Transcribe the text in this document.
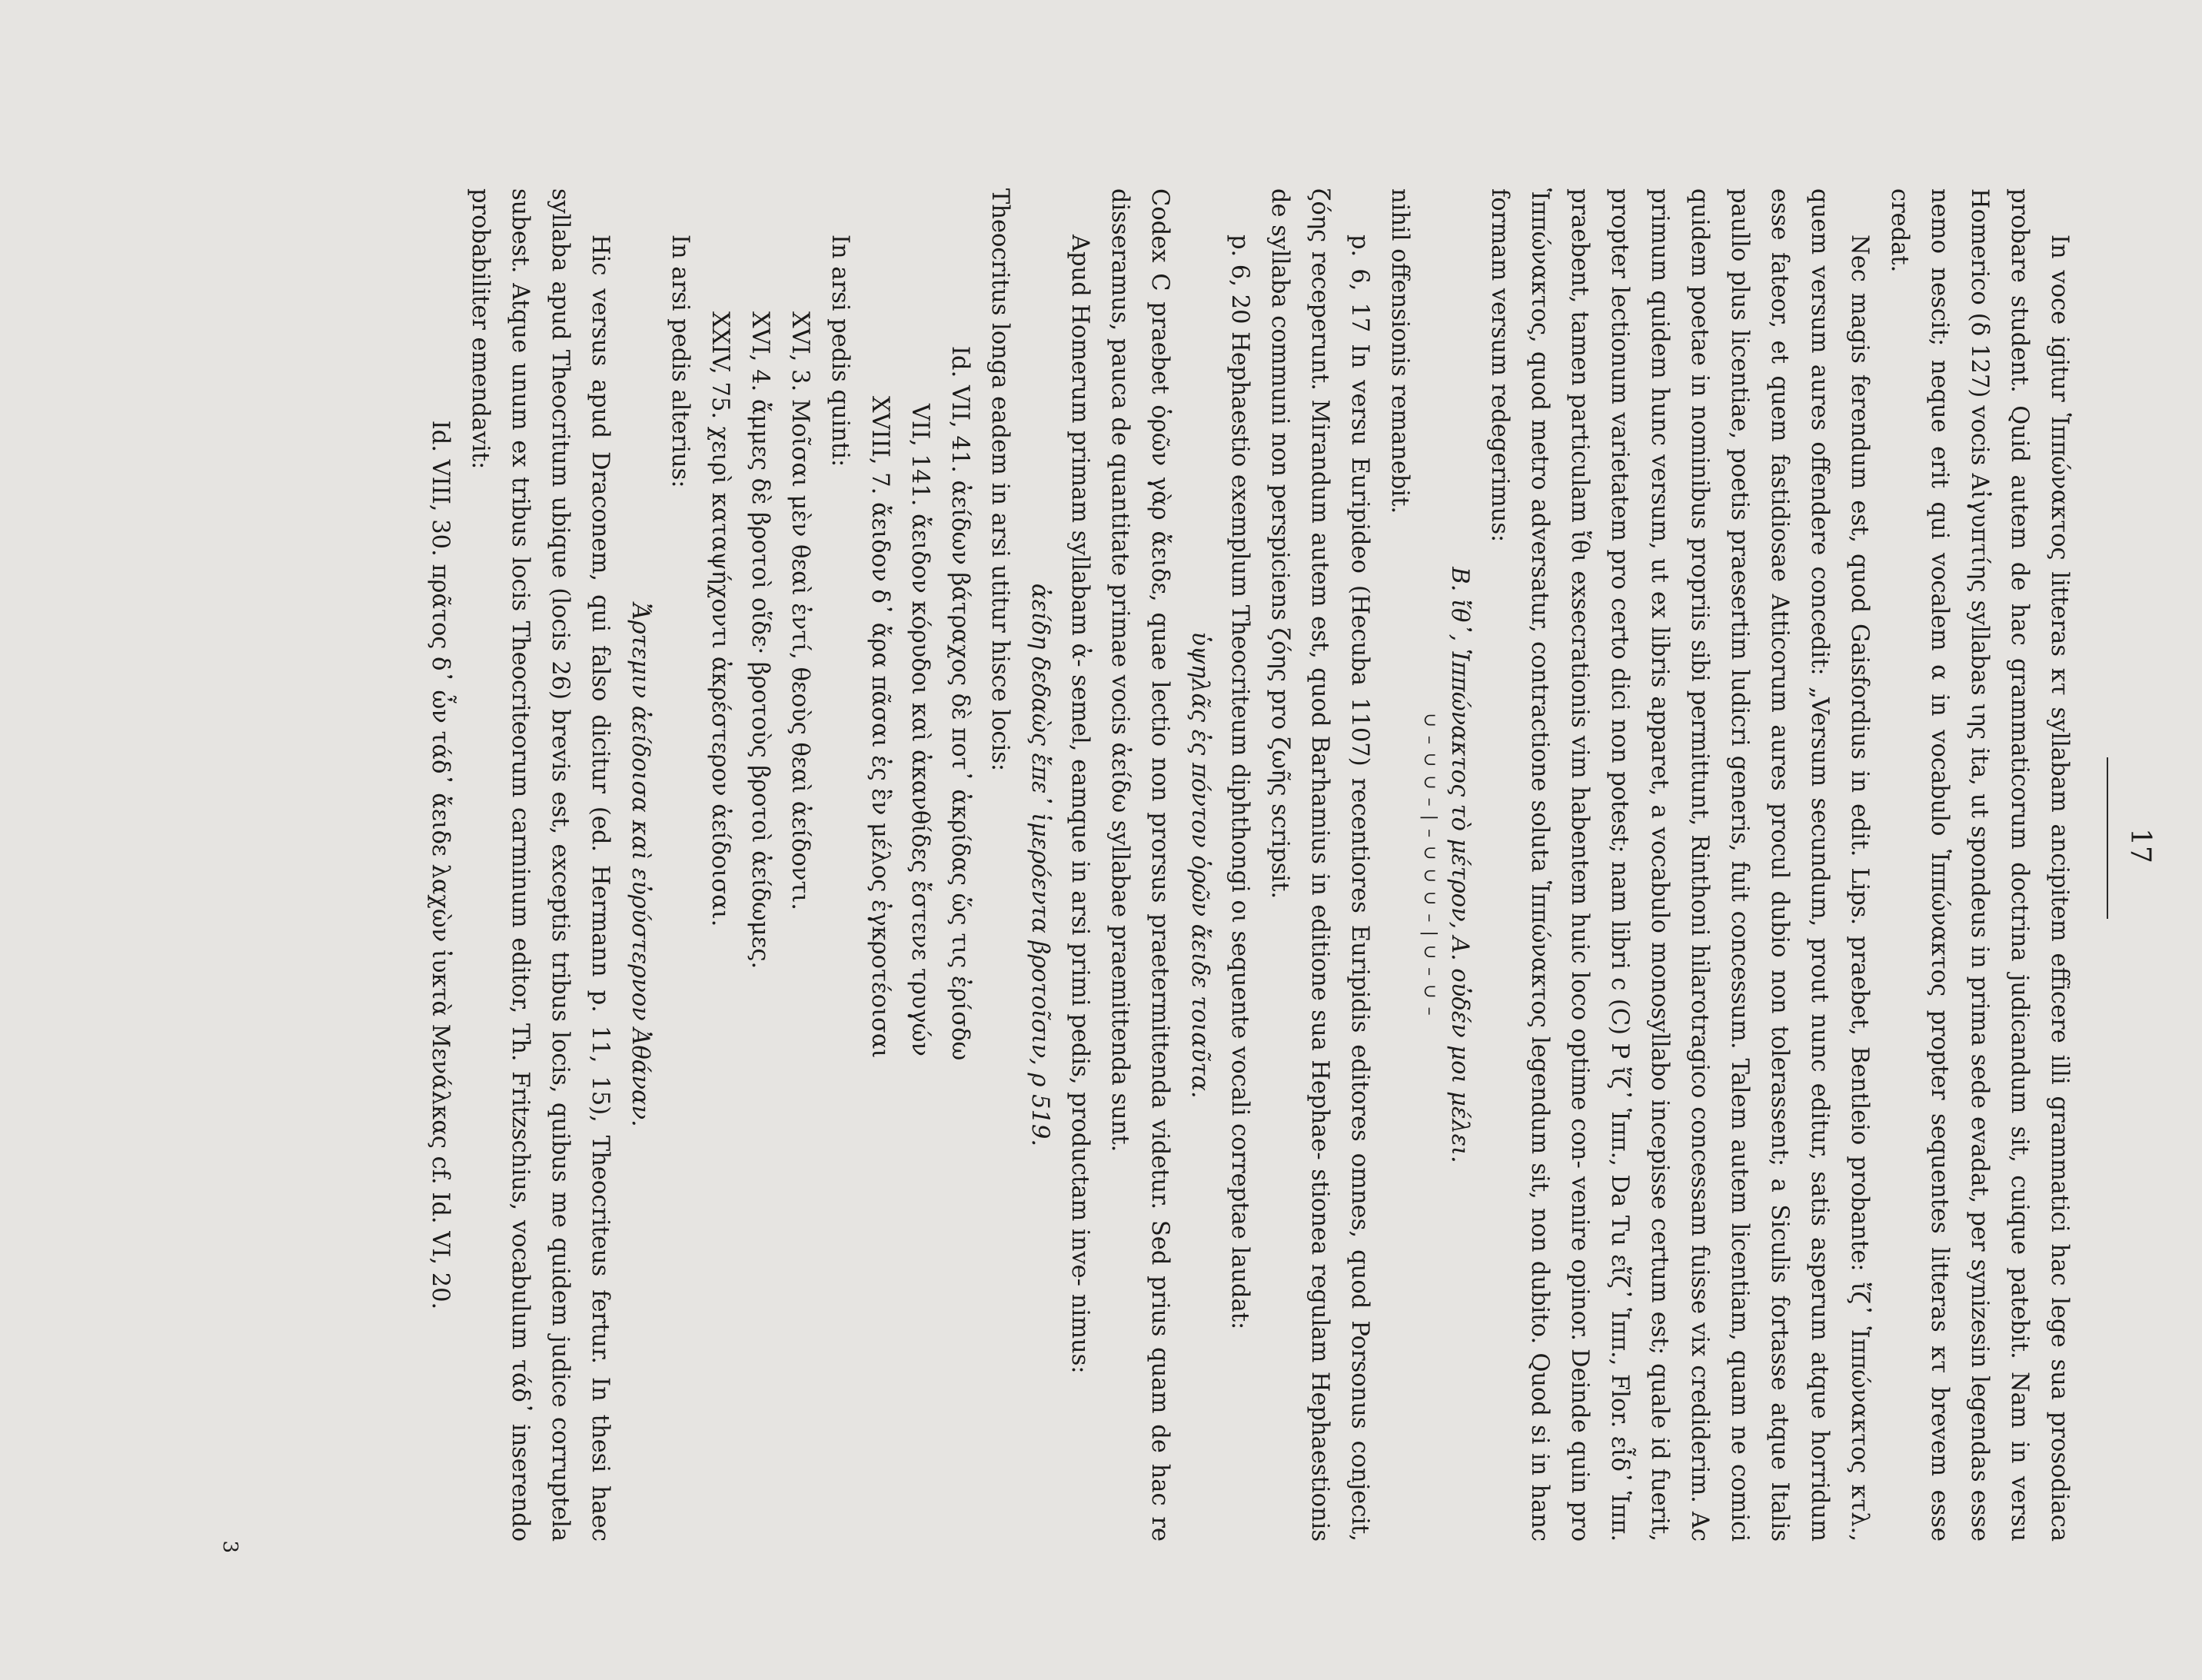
17

In voce igitur Ἱππώνακτος litteras κτ syllabam ancipitem efficere illi grammatici hac lege sua prosodiaca probare student. Quid autem de hac grammaticorum doctrina judicandum sit, cuique patebit. Nam in versu Homerico (δ 127) vocis Αἰγυπτίης syllabas ιης ita, ut spondeus in prima sede evadat, per synizesin legendas esse nemo nescit; neque erit qui vocalem α in vocabulo Ἱππώνακτος propter sequentes litteras κτ brevem esse credat.

Nec magis ferendum est, quod Gaisfordius in edit. Lips. praebet, Bentleio probante: ἴζ᾽ Ἱππώνακτος κτλ., quem versum aures offendere concedit: „Versum secundum, prout nunc editur, satis asperum atque horridum esse fateor, et quem fastidiosae Atticorum aures procul dubio non tolerassent; a Siculis fortasse atque Italis paullo plus licentiae, poetis praesertim ludicri generis, fuit concessum. Talem autem licentiam, quam ne comici quidem poetae in nominibus propriis sibi permittunt, Rinthoni hilarotragico concessam fuisse vix crediderim. Ac primum quidem hunc versum, ut ex libris apparet, a vocabulo monosyllabo incepisse certum est; quale id fuerit, propter lectionum varietatem pro certo dici non potest; nam libri c (C) P ἴζ᾽ Ἱππ., Da Tu εἴζ᾽ Ἱππ., Flor. εἶδ᾽ Ἱππ. praebent, tamen particulam ἴθι exsecrationis vim habentem huic loco optime con- venire opinor. Deinde quin pro Ἱππώνακτος, quod metro adversatur, contractione soluta Ἱππώνακτος legendum sit, non dubito. Quod si in hanc formam versum redegerimus:

B. ἴθ᾽, Ἱππώνακτος τὸ μέτρον, A. οὐδέν μοι μέλει.

∪ – ∪ ∪ – | – ∪ ∪ ∪ – | ∪ – ∪ –

nihil offensionis remanebit.

p. 6, 17 In versu Euripideo (Hecuba 1107) recentiores Euripidis editores omnes, quod Porsonus conjecit, ζόης receperunt. Mirandum autem est, quod Barhamius in editione sua Hephae- stionea regulam Hephaestionis de syllaba communi non perspiciens ζόης pro ζωῆς scripsit.

p. 6, 20 Hephaestio exemplum Theocriteum diphthongi οι sequente vocali correptae laudat:

ὑψηλᾶς ἐς πόντον ὁρῶν ἄειδε τοιαῦτα.

Codex C praebet ὁρῶν γὰρ ἄειδε, quae lectio non prorsus praetermittenda videtur. Sed prius quam de hac re disseramus, pauca de quantitate primae vocis ἀείδω syllabae praemittenda sunt.

Apud Homerum primam syllabam ἀ- semel, eamque in arsi primi pedis, productam inve- nimus:

ἀείδη δεδαὼς ἔπε᾽ ἱμερόεντα βροτοῖσιν, ρ 519.

Theocritus longa eadem in arsi utitur hisce locis:

Id. VII, 41. ἀείδων βάτραχος δὲ ποτ᾽ ἀκρίδας ὥς τις ἐρίσδω
VII, 141. ἄειδον κόρυδοι καὶ ἀκανθίδες ἔστενε τρυγών
XVIII, 7. ἄειδον δ᾽ ἄρα πᾶσαι ἐς ἓν μέλος ἐγκροτέοισαι

In arsi pedis quinti:

XVI, 3. Μοῖσαι μὲν θεαὶ ἐντί, θεοὺς θεαὶ ἀείδοντι.
XVI, 4. ἄμμες δὲ βροτοὶ οἵδε· βροτοὺς βροτοὶ ἀείδωμες.
XXIV, 75. χειρὶ καταψήχοντι ἀκρέστερον ἀείδοισαι.

In arsi pedis alterius:

Ἄρτεμιν ἀείδοισα καὶ εὐρύστερνον Ἀθάναν.

Hic versus apud Draconem, qui falso dicitur (ed. Hermann p. 11, 15), Theocriteus fertur. In thesi haec syllaba apud Theocritum ubique (locis 26) brevis est, exceptis tribus locis, quibus me quidem judice corruptela subest. Atque unum ex tribus locis Theocriteorum carminum editor, Th. Fritzschius, vocabulum τάδ᾽ inserendo probabiliter emendavit:

Id. VIII, 30. πρᾶτος δ᾽ ὦν τάδ᾽ ἄειδε λαχὼν ἰυκτὰ Μενάλκας cf. Id. VI, 20.

3
